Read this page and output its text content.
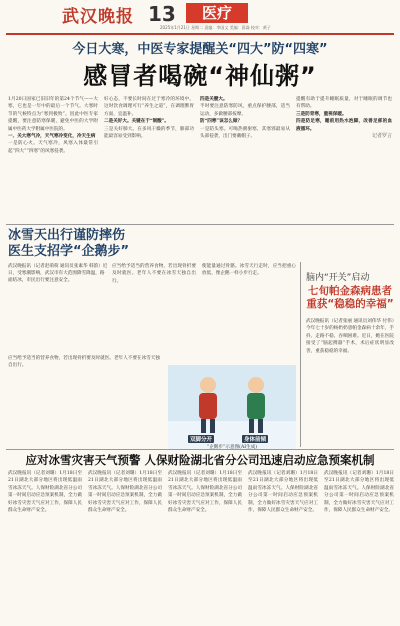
武汉晚报 13	医疗
2025年1月21日 星期二 责编：李国文 美编：薛淼 校对：黄子
今日大寒，中医专家提醒关“四大”防“四寒”
感冒者喝碗“神仙粥”
1月20日国家已旧旧年的第24个节气——大寒，它也是一年中的最后一个节气。大寒时节的气候特点为“寒到极致”。因此中医专家提醒，要注意防寒保暖，避免中医的大学附属中医药大学附属中医院的。
一、关大寒气冷，天气寒冷变化，冷天生病
一是防心火。天气寒冷，风寒入体最常引起“四大”“四寒”的风寒侵袭。
好心态，不要长时间在过于寒冷的环境中。这时饮食调理可行“养生之道”，在调理脾胃方面，宜温补。
二是关好大。关键在于“制酸”。
三是关好肺大。在多风干燥的季节，肺部功能最容易受到影响。
四是关腰大。
半时要注意防寒防风，重点保护腰部，适当运动，多做腰部按摩。
防“四寒”该怎么做？
一是防头寒。可喝热粥驱寒，其寒邪最易从头部侵袭，出门要戴帽子。
提醒有助于提升睡眠质量，对于睡眠的调节也有帮助。
三是防背寒，重视保暖。
四是防足寒，睡前用热水泡脚，改善足部的血液循环。
记者罗言
冰雪天出行谨防摔伤
医生支招学“企鹅步”
武汉晚报讯（记者赵萌萌 通讯员张素华 韩韵）近日，受寒潮影响，武汉市有大范围降雪降温，路面结冰，市民出行要注意安全。
应当给予适当的营养食物，若出现骨折要及时就医。老年人不要在冰雪天独自出行。
使能量通过骨骼。冰雪天行走时，应当把重心放低，像企鹅一样小步行走。
应当给予适当的营养食物，若出现骨折要及时就医。老年人不要在冰雪天独自出行。
双脚分开	身体前倾
“企鹅步”示意图(AI生成)
脑内“开关”启动
七旬帕金森病患者
重获“稳稳的幸福”
武汉晚报讯（记者张丽 通讯员刘伟华 付伟）今年七十岁的杨奶奶患帕金森病十余年，手抖、走路不稳、吞咽困难。近日，她在医院接受了“脑起搏器”手术，术后症状明显改善，重获稳稳的幸福。
应对冰雪灾害天气预警 人保财险湖北省分公司迅速启动应急预案机制
武汉晚报讯（记者刘珊）1月18日至21日湖北大部分地区将出现低温雨雪冰冻天气。人保财险湖北省分公司第一时间启动应急预案机制，全力做好冰雪灾害天气应对工作，保障人民群众生命财产安全。
武汉晚报讯（记者刘珊）1月18日至21日湖北大部分地区将出现低温雨雪冰冻天气。人保财险湖北省分公司第一时间启动应急预案机制，全力做好冰雪灾害天气应对工作，保障人民群众生命财产安全。
武汉晚报讯（记者刘珊）1月18日至21日湖北大部分地区将出现低温雨雪冰冻天气。人保财险湖北省分公司第一时间启动应急预案机制，全力做好冰雪灾害天气应对工作，保障人民群众生命财产安全。
武汉晚报讯（记者刘珊）1月18日至21日湖北大部分地区将出现低温雨雪冰冻天气。人保财险湖北省分公司第一时间启动应急预案机制，全力做好冰雪灾害天气应对工作，保障人民群众生命财产安全。
武汉晚报讯（记者刘珊）1月18日至21日湖北大部分地区将出现低温雨雪冰冻天气。人保财险湖北省分公司第一时间启动应急预案机制，全力做好冰雪灾害天气应对工作，保障人民群众生命财产安全。
